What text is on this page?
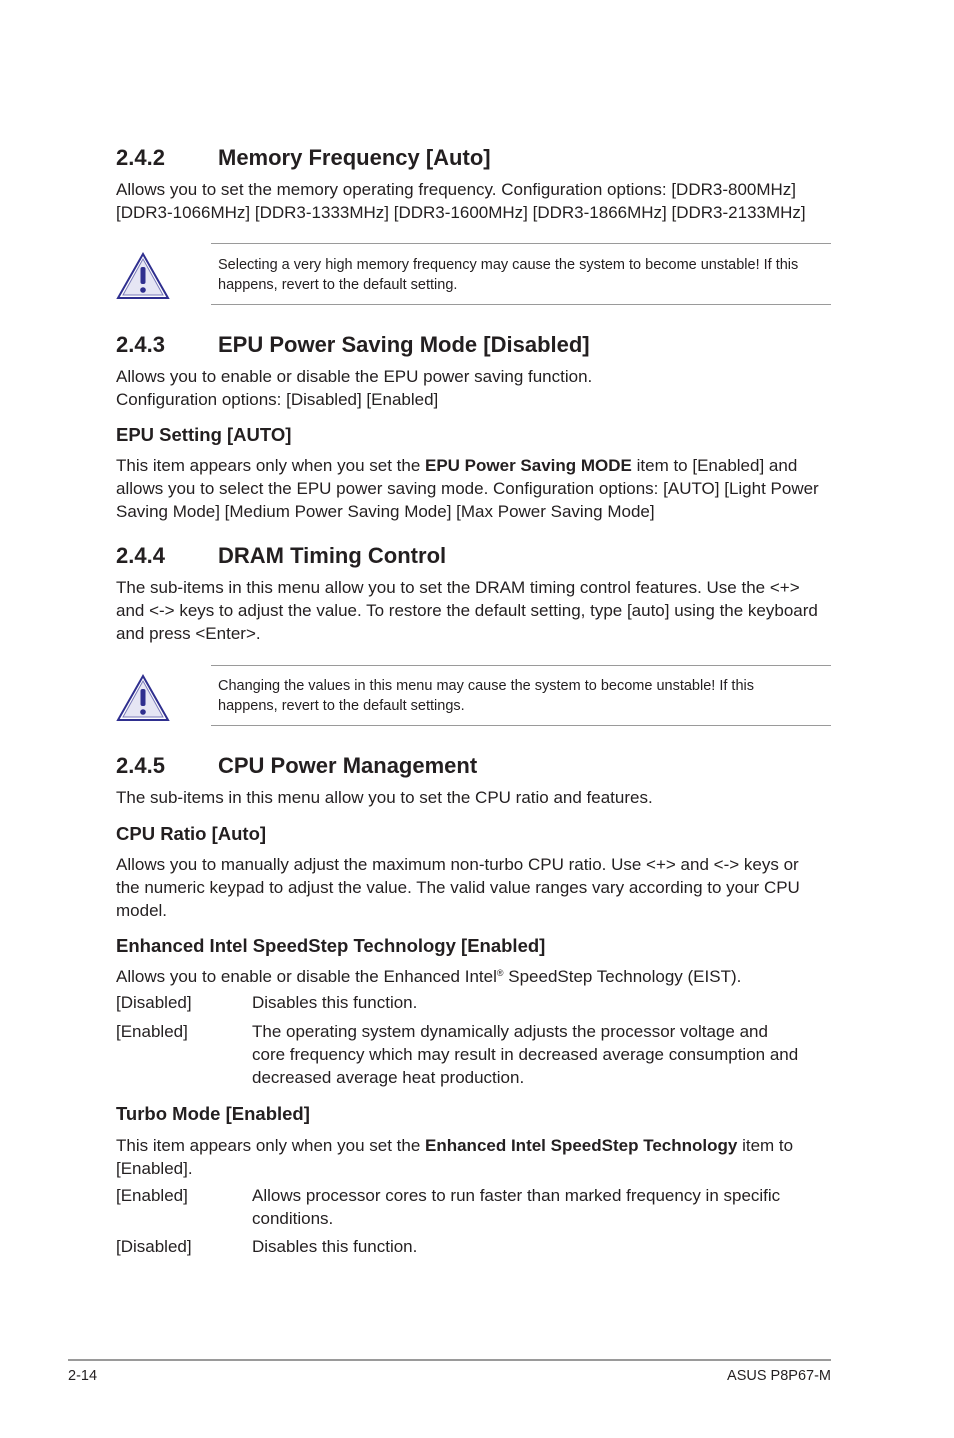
2.4.2 Memory Frequency [Auto]
Allows you to set the memory operating frequency. Configuration options: [DDR3-800MHz]
[DDR3-1066MHz] [DDR3-1333MHz] [DDR3-1600MHz] [DDR3-1866MHz] [DDR3-2133MHz]
Selecting a very high memory frequency may cause the system to become unstable! If this
happens, revert to the default setting.
2.4.3 EPU Power Saving Mode [Disabled]
Allows you to enable or disable the EPU power saving function.
Configuration options: [Disabled] [Enabled]
EPU Setting [AUTO]
This item appears only when you set the EPU Power Saving MODE item to [Enabled] and
allows you to select the EPU power saving mode. Configuration options: [AUTO] [Light Power
Saving Mode] [Medium Power Saving Mode] [Max Power Saving Mode]
2.4.4 DRAM Timing Control
The sub-items in this menu allow you to set the DRAM timing control features. Use the <+>
and <-> keys to adjust the value. To restore the default setting, type [auto] using the keyboard
and press <Enter>.
Changing the values in this menu may cause the system to become unstable! If this
happens, revert to the default settings.
2.4.5 CPU Power Management
The sub-items in this menu allow you to set the CPU ratio and features.
CPU Ratio [Auto]
Allows you to manually adjust the maximum non-turbo CPU ratio. Use <+> and <-> keys or
the numeric keypad to adjust the value. The valid value ranges vary according to your CPU
model.
Enhanced Intel SpeedStep Technology [Enabled]
Allows you to enable or disable the Enhanced Intel® SpeedStep Technology (EIST).
[Disabled]	Disables this function.
[Enabled]	The operating system dynamically adjusts the processor voltage and
core frequency which may result in decreased average consumption and
decreased average heat production.
Turbo Mode [Enabled]
This item appears only when you set the Enhanced Intel SpeedStep Technology item to
[Enabled].
[Enabled]	Allows processor cores to run faster than marked frequency in specific
conditions.
[Disabled]	Disables this function.
2-14	ASUS P8P67-M
